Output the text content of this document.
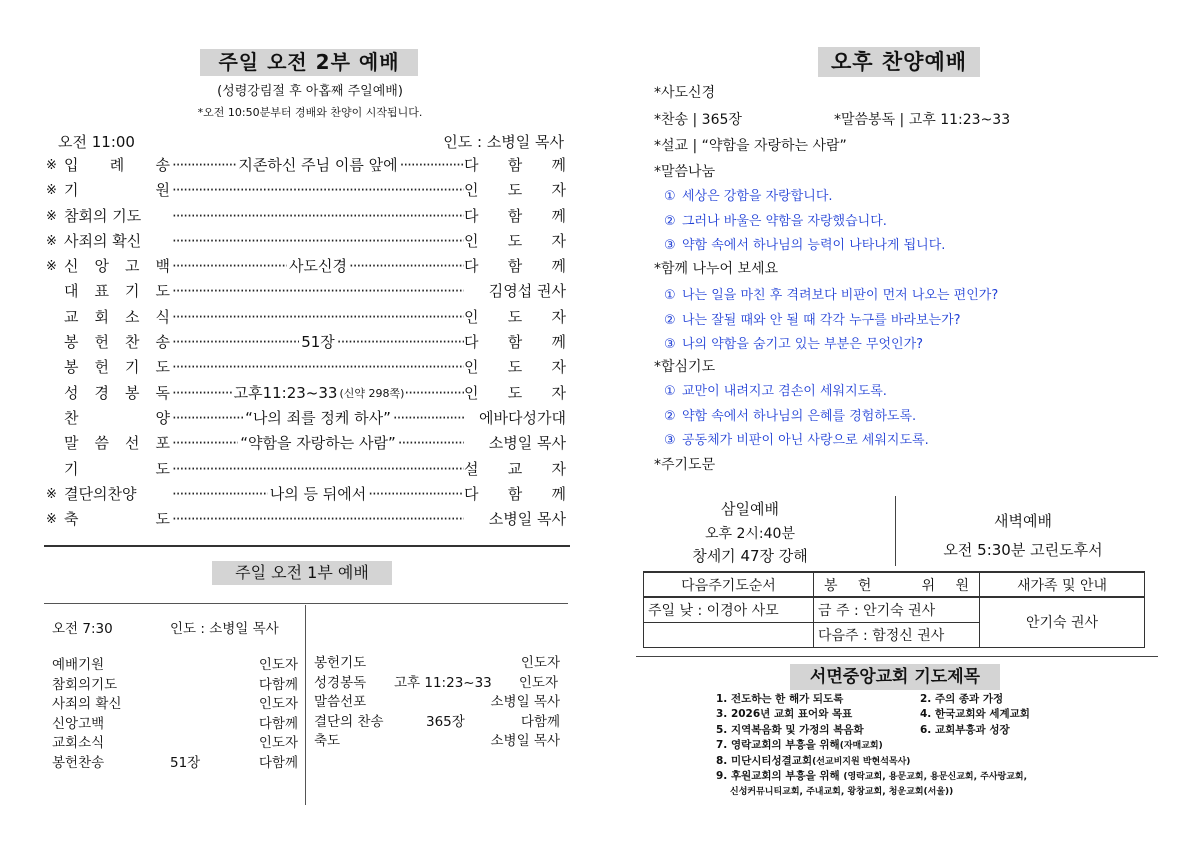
주일 오전 2부 예배
(성령강림절 후 아홉째 주일예배)
*오전 10:50분부터 경배와 찬양이 시작됩니다.
오전 11:00	인도 : 소병일 목사
※ 입 례 송 ·····	지존하신 주님 이름 앞에 ·····	다 함 께
※ 기	원 ·····	인 도 자
※ 참회의 기도 ·····	다 함 께
※ 사죄의 확신 ·····	인 도 자
※ 신 앙 고 백 ·····	사도신경 ·····	다 함 께
대 표 기 도 ·····	김영섭 권사
교 회 소 식 ·····	인 도 자
봉 헌 찬 송 ·····	51장 ·····	다 함 께
봉 헌 기 도 ·····	인 도 자
성 경 봉 독 ·····	고후11:23~33 (신약 298쪽) ·····	인 도 자
찬	양 ·····	“나의 죄를 정케 하사” ·····	에바다성가대
말 씀 선 포 ·····	“약함을 자랑하는 사람” ·····	소병일 목사
기	도 ·····	설 교 자
※ 결단의찬양 ·····	나의 등 뒤에서 ·····	다 함 께
※ 축	도 ·····	소병일 목사
주일 오전 1부 예배
오전 7:30	인도 : 소병일 목사
예배기원	인도자
참회의기도	다함께
사죄의 확신	인도자
신앙고백	다함께
교회소식	인도자
봉헌찬송	51장	다함께
봉헌기도	인도자
성경봉독 고후 11:23~33 인도자
말씀선포	소병일 목사
결단의 찬송	365장	다함께
축도	소병일 목사
오후 찬양예배
*사도신경
*찬송 | 365장	*말씀봉독 | 고후 11:23~33
*설교 | “약함을 자랑하는 사람”
*말씀나눔
① 세상은 강함을 자랑합니다.
② 그러나 바울은 약함을 자랑했습니다.
③ 약함 속에서 하나님의 능력이 나타나게 됩니다.
*함께 나누어 보세요
① 나는 일을 마친 후 격려보다 비판이 먼저 나오는 편인가?
② 나는 잘될 때와 안 될 때 각각 누구를 바라보는가?
③ 나의 약함을 숨기고 있는 부분은 무엇인가?
*합심기도
① 교만이 내려지고 겸손이 세워지도록.
② 약함 속에서 하나님의 은혜를 경험하도록.
③ 공동체가 비판이 아닌 사랑으로 세워지도록.
*주기도문
삼일예배
오후 2시:40분
창세기 47장 강해
새벽예배
오전 5:30분 고린도후서
다음주기도순서	봉 헌 위 원	새가족 및 안내
주일 낮 : 이경아 사모	금 주 : 안기숙 권사	안기숙 권사
	다음주 : 함정신 권사	
서면중앙교회 기도제목
1. 전도하는 한 해가 되도록	2. 주의 종과 가정
3. 2026년 교회 표어와 목표	4. 한국교회와 세계교회
5. 지역복음화 및 가정의 복음화	6. 교회부흥과 성장
7. 영락교회의 부흥을 위해(자매교회)
8. 미단시티성결교회(선교비지원 박현석목사)
9. 후원교회의 부흥을 위해 (영락교회, 용문교회, 용문신교회, 주사랑교회,
신성커뮤니티교회, 주내교회, 왕창교회, 청운교회(서울))
